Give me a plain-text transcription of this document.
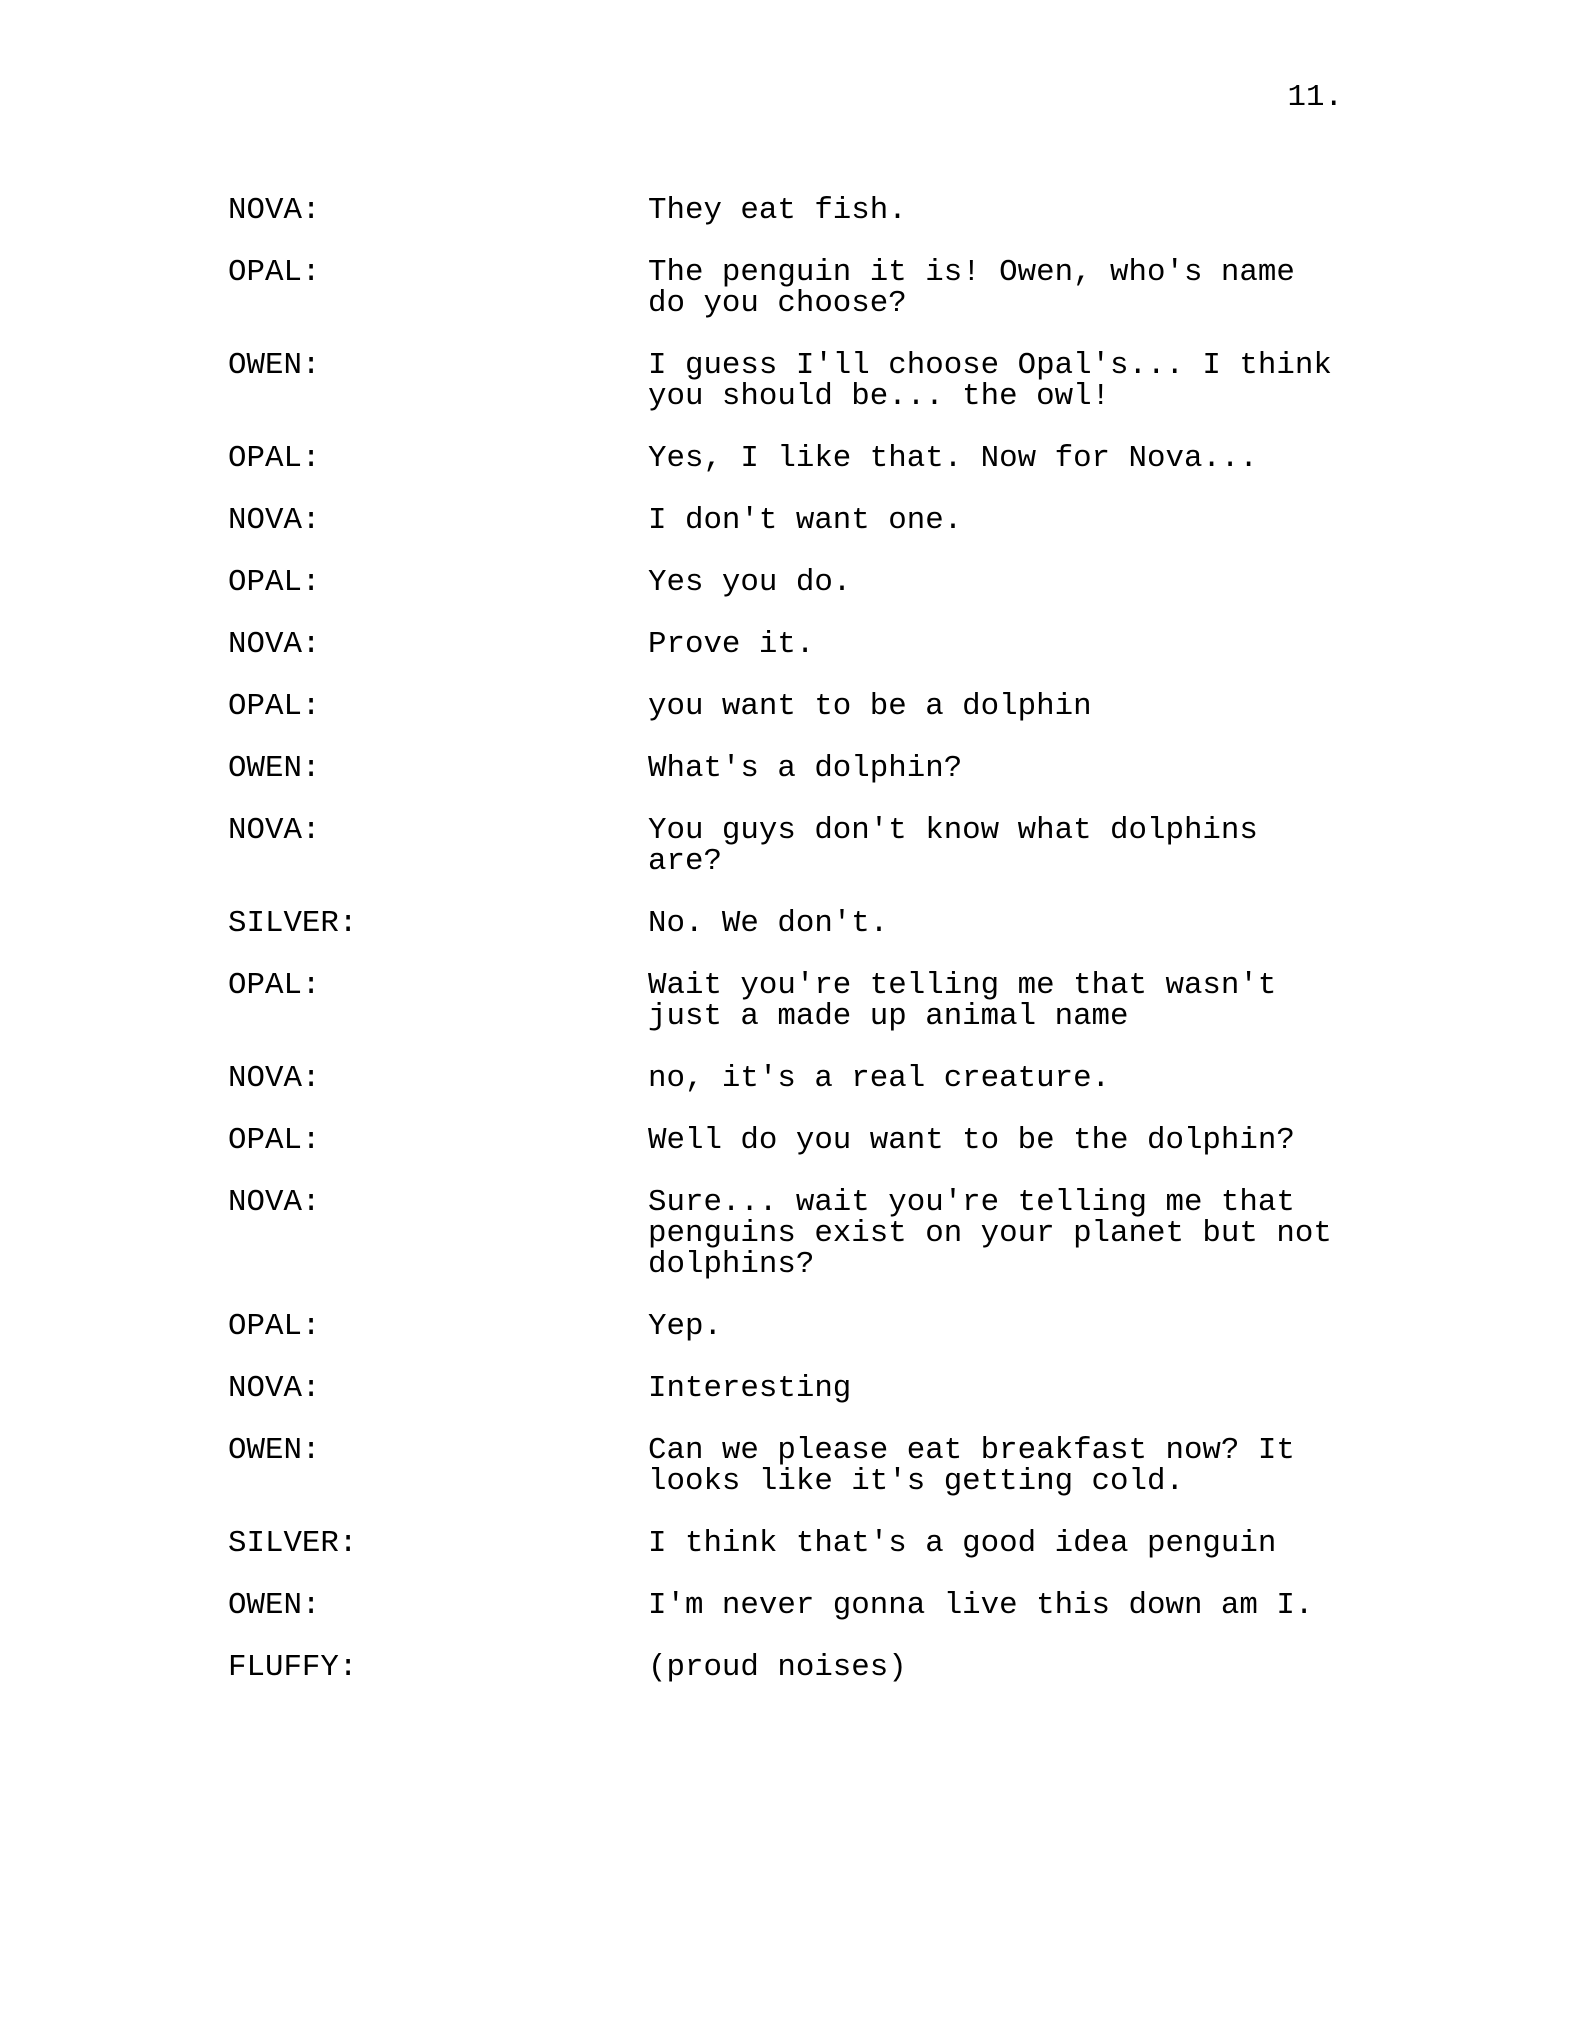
11.
NOVA:	They eat fish.
OPAL:	The penguin it is! Owen, who's name do you choose?
OWEN:	I guess I'll choose Opal's... I think you should be... the owl!
OPAL:	Yes, I like that. Now for Nova...
NOVA:	I don't want one.
OPAL:	Yes you do.
NOVA:	Prove it.
OPAL:	you want to be a dolphin
OWEN:	What's a dolphin?
NOVA:	You guys don't know what dolphins are?
SILVER:	No. We don't.
OPAL:	Wait you're telling me that wasn't just a made up animal name
NOVA:	no, it's a real creature.
OPAL:	Well do you want to be the dolphin?
NOVA:	Sure... wait you're telling me that penguins exist on your planet but not dolphins?
OPAL:	Yep.
NOVA:	Interesting
OWEN:	Can we please eat breakfast now? It looks like it's getting cold.
SILVER:	I think that's a good idea penguin
OWEN:	I'm never gonna live this down am I.
FLUFFY:	(proud noises)
